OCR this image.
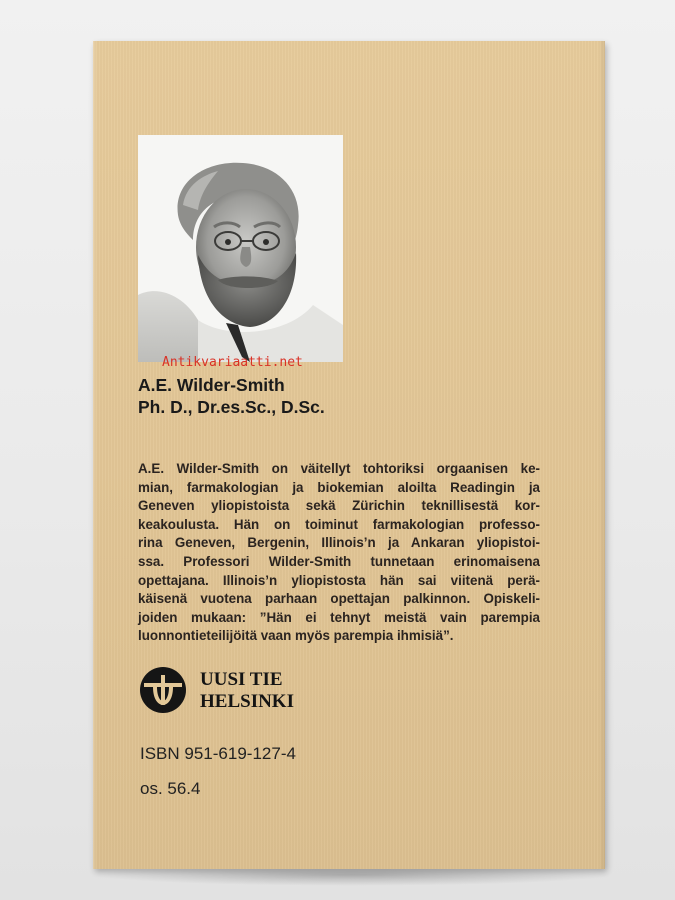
A.E. Wilder-Smith
Ph. D., Dr.es.Sc., D.Sc.
A.E. Wilder-Smith on väitellyt tohtoriksi orgaanisen ke-
mian, farmakologian ja biokemian aloilta Readingin ja
Geneven yliopistoista sekä Zürichin teknillisestä kor-
keakoulusta. Hän on toiminut farmakologian professo-
rina Geneven, Bergenin, Illinois’n ja Ankaran yliopistoi-
ssa. Professori Wilder-Smith tunnetaan erinomaisena
opettajana. Illinois’n yliopistosta hän sai viitenä perä-
käisenä vuotena parhaan opettajan palkinnon. Opiskeli-
joiden mukaan: ”Hän ei tehnyt meistä vain parempia
luonnontieteilijöitä vaan myös parempia ihmisiä”.
UUSI TIE
HELSINKI
ISBN 951-619-127-4
os. 56.4
Antikvariaatti.net
